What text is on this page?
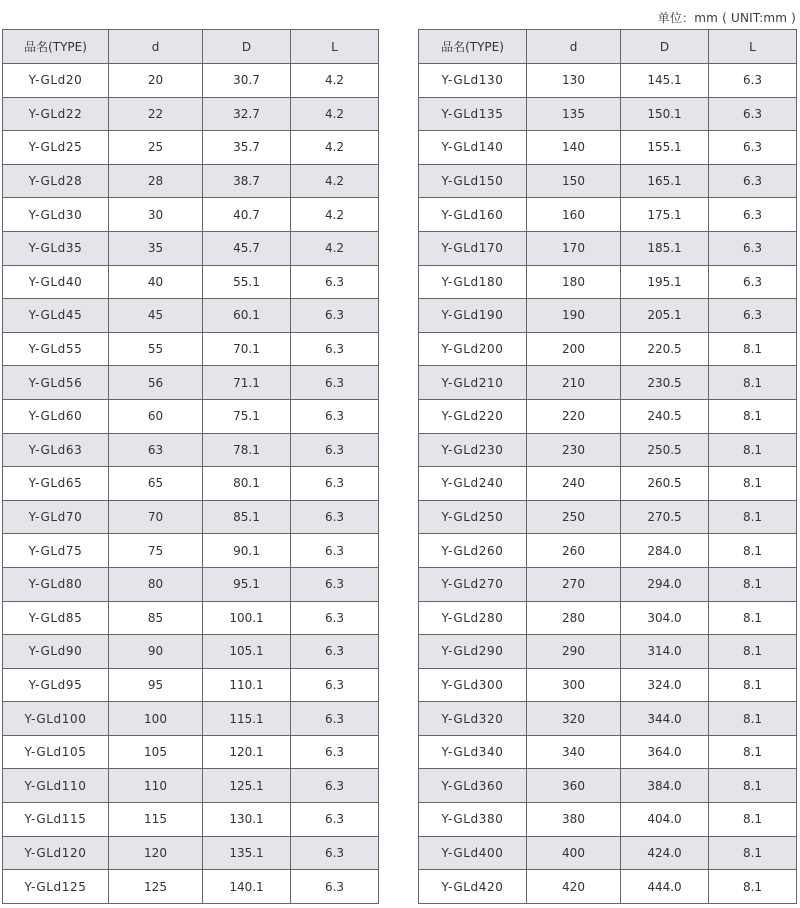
单位：mm ( UNIT:mm )
品名(TYPE)	d	D	L
Y-GLd20	20	30.7	4.2
Y-GLd22	22	32.7	4.2
Y-GLd25	25	35.7	4.2
Y-GLd28	28	38.7	4.2
Y-GLd30	30	40.7	4.2
Y-GLd35	35	45.7	4.2
Y-GLd40	40	55.1	6.3
Y-GLd45	45	60.1	6.3
Y-GLd55	55	70.1	6.3
Y-GLd56	56	71.1	6.3
Y-GLd60	60	75.1	6.3
Y-GLd63	63	78.1	6.3
Y-GLd65	65	80.1	6.3
Y-GLd70	70	85.1	6.3
Y-GLd75	75	90.1	6.3
Y-GLd80	80	95.1	6.3
Y-GLd85	85	100.1	6.3
Y-GLd90	90	105.1	6.3
Y-GLd95	95	110.1	6.3
Y-GLd100	100	115.1	6.3
Y-GLd105	105	120.1	6.3
Y-GLd110	110	125.1	6.3
Y-GLd115	115	130.1	6.3
Y-GLd120	120	135.1	6.3
Y-GLd125	125	140.1	6.3
品名(TYPE)	d	D	L
Y-GLd130	130	145.1	6.3
Y-GLd135	135	150.1	6.3
Y-GLd140	140	155.1	6.3
Y-GLd150	150	165.1	6.3
Y-GLd160	160	175.1	6.3
Y-GLd170	170	185.1	6.3
Y-GLd180	180	195.1	6.3
Y-GLd190	190	205.1	6.3
Y-GLd200	200	220.5	8.1
Y-GLd210	210	230.5	8.1
Y-GLd220	220	240.5	8.1
Y-GLd230	230	250.5	8.1
Y-GLd240	240	260.5	8.1
Y-GLd250	250	270.5	8.1
Y-GLd260	260	284.0	8.1
Y-GLd270	270	294.0	8.1
Y-GLd280	280	304.0	8.1
Y-GLd290	290	314.0	8.1
Y-GLd300	300	324.0	8.1
Y-GLd320	320	344.0	8.1
Y-GLd340	340	364.0	8.1
Y-GLd360	360	384.0	8.1
Y-GLd380	380	404.0	8.1
Y-GLd400	400	424.0	8.1
Y-GLd420	420	444.0	8.1
